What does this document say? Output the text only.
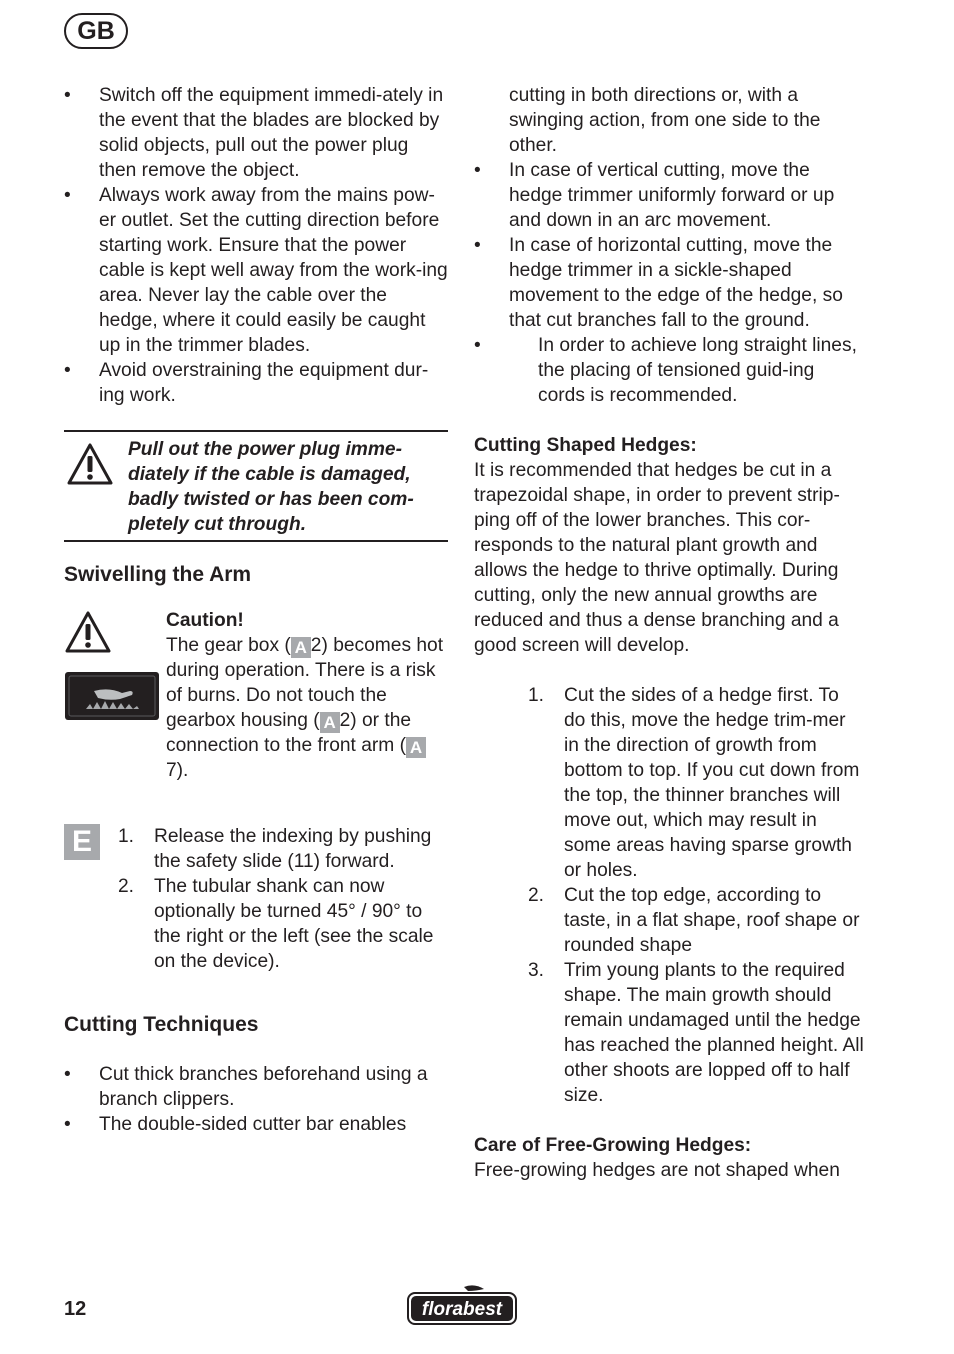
GB
• Switch off the equipment immedi-ately in the event that the blades are blocked by solid objects, pull out the power plug then remove the object.
• Always work away from the mains pow-er outlet. Set the cutting direction before starting work. Ensure that the power cable is kept well away from the work-ing area. Never lay the cable over the hedge, where it could easily be caught up in the trimmer blades.
• Avoid overstraining the equipment dur-ing work.
Pull out the power plug imme-diately if the cable is damaged, badly twisted or has been com-pletely cut through.
Swivelling the Arm

Caution!
The gear box ( A 2) becomes hot during operation. There is a risk of burns. Do not touch the gearbox housing ( A 2) or the connection to the front arm ( A7).
E	1. Release the indexing by pushing the safety slide (11) forward.
2. The tubular shank can now optionally be turned 45° / 90° to the right or the left (see the scale on the device).
Cutting Techniques
• Cut thick branches beforehand using a branch clippers.
• The double-sided cutter bar enables
cutting in both directions or, with a swinging action, from one side to the other.
• In case of vertical cutting, move the hedge trimmer uniformly forward or up and down in an arc movement.
• In case of horizontal cutting, move the hedge trimmer in a sickle-shaped movement to the edge of the hedge, so that cut branches fall to the ground.
• In order to achieve long straight lines, the placing of tensioned guid-ing cords is recommended.
Cutting Shaped Hedges:
It is recommended that hedges be cut in a trapezoidal shape, in order to prevent strip-ping off of the lower branches. This cor-responds to the natural plant growth and allows the hedge to thrive optimally. During cutting, only the new annual growths are reduced and thus a dense branching and a good screen will develop.
1. Cut the sides of a hedge first. To do this, move the hedge trim-mer in the direction of growth from bottom to top. If you cut down from the top, the thinner branches will move out, which may result in some areas having sparse growth or holes.
2. Cut the top edge, according to taste, in a flat shape, roof shape or rounded shape
3. Trim young plants to the required shape. The main growth should remain undamaged until the hedge has reached the planned height. All other shoots are lopped off to half size.
Care of Free-Growing Hedges:
Free-growing hedges are not shaped when
12	florabest
